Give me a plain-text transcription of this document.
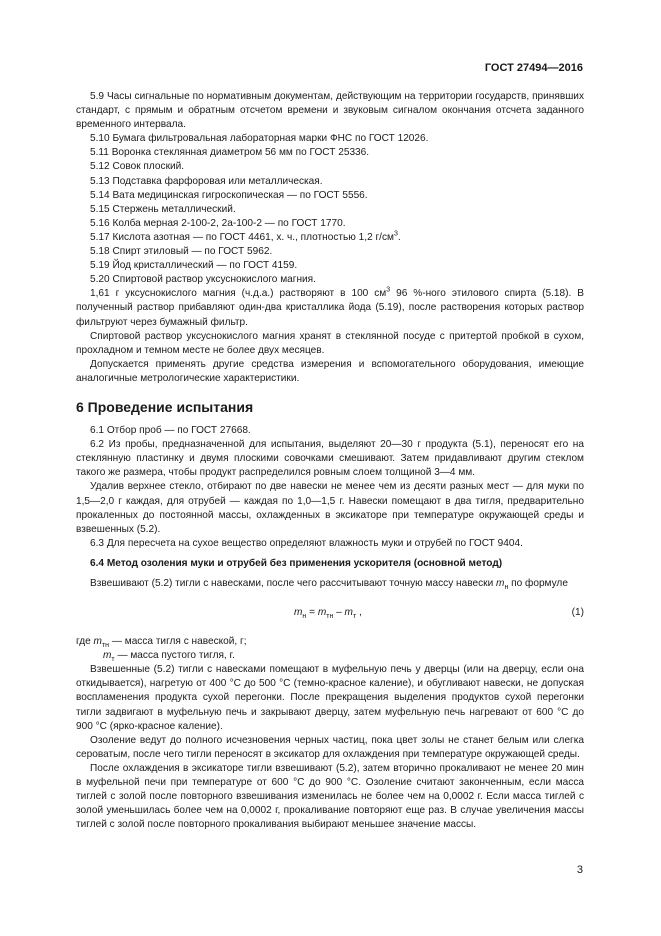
ГОСТ 27494—2016

5.9 Часы сигнальные по нормативным документам, действующим на территории государств, принявших стандарт, с прямым и обратным отсчетом времени и звуковым сигналом окончания отсчета заданного временного интервала.

5.10 Бумага фильтровальная лабораторная марки ФНС по ГОСТ 12026.

5.11 Воронка стеклянная диаметром 56 мм по ГОСТ 25336.

5.12 Совок плоский.

5.13 Подставка фарфоровая или металлическая.

5.14 Вата медицинская гигроскопическая — по ГОСТ 5556.

5.15 Стержень металлический.

5.16 Колба мерная 2-100-2, 2а-100-2 — по ГОСТ 1770.

5.17 Кислота азотная — по ГОСТ 4461, х. ч., плотностью 1,2 $г/см^3$.

5.18 Спирт этиловый — по ГОСТ 5962.

5.19 Йод кристаллический — по ГОСТ 4159.

5.20 Спиртовой раствор уксуснокислого магния.

1,61 г уксуснокислого магния (ч.д.а.) растворяют в 100 $см^3$ 96 %-ного этилового спирта (5.18). В полученный раствор прибавляют один-два кристаллика йода (5.19), после растворения которых раствор фильтруют через бумажный фильтр.

Спиртовой раствор уксуснокислого магния хранят в стеклянной посуде с притертой пробкой в сухом, прохладном и темном месте не более двух месяцев.

Допускается применять другие средства измерения и вспомогательного оборудования, имеющие аналогичные метрологические характеристики.

6 Проведение испытания

6.1 Отбор проб — по ГОСТ 27668.

6.2 Из пробы, предназначенной для испытания, выделяют 20—30 г продукта (5.1), переносят его на стеклянную пластинку и двумя плоскими совочками смешивают. Затем придавливают другим стеклом такого же размера, чтобы продукт распределился ровным слоем толщиной 3—4 мм.

Удалив верхнее стекло, отбирают по две навески не менее чем из десяти разных мест — для муки по 1,5—2,0 г каждая, для отрубей — каждая по 1,0—1,5 г. Навески помещают в два тигля, предварительно прокаленных до постоянной массы, охлажденных в эксикаторе при температуре окружающей среды и взвешенных (5.2).

6.3 Для пересчета на сухое вещество определяют влажность муки и отрубей по ГОСТ 9404.

6.4 Метод озоления муки и отрубей без применения ускорителя (основной метод)

Взвешивают (5.2) тигли с навесками, после чего рассчитывают точную массу навески $m_н$ по формуле

$m_н = m_{тн} - m_т$ ,	(1)

где $m_{тн}$ — масса тигля с навеской, г;

$m_т$ — масса пустого тигля, г.

Взвешенные (5.2) тигли с навесками помещают в муфельную печь у дверцы (или на дверцу, если она откидывается), нагретую от 400 °С до 500 °С (темно-красное каление), и обугливают навески, не допуская воспламенения продукта сухой перегонки. После прекращения выделения продуктов сухой перегонки тигли задвигают в муфельную печь и закрывают дверцу, затем муфельную печь нагревают от 600 °С до 900 °С (ярко-красное каление).

Озоление ведут до полного исчезновения черных частиц, пока цвет золы не станет белым или слегка сероватым, после чего тигли переносят в эксикатор для охлаждения при температуре окружающей среды.

После охлаждения в эксикаторе тигли взвешивают (5.2), затем вторично прокаливают не менее 20 мин в муфельной печи при температуре от 600 °С до 900 °С. Озоление считают законченным, если масса тиглей с золой после повторного взвешивания изменилась не более чем на 0,0002 г. Если масса тиглей с золой уменьшилась более чем на 0,0002 г, прокаливание повторяют еще раз. В случае увеличения массы тиглей с золой после повторного прокаливания выбирают меньшее значение массы.

3
